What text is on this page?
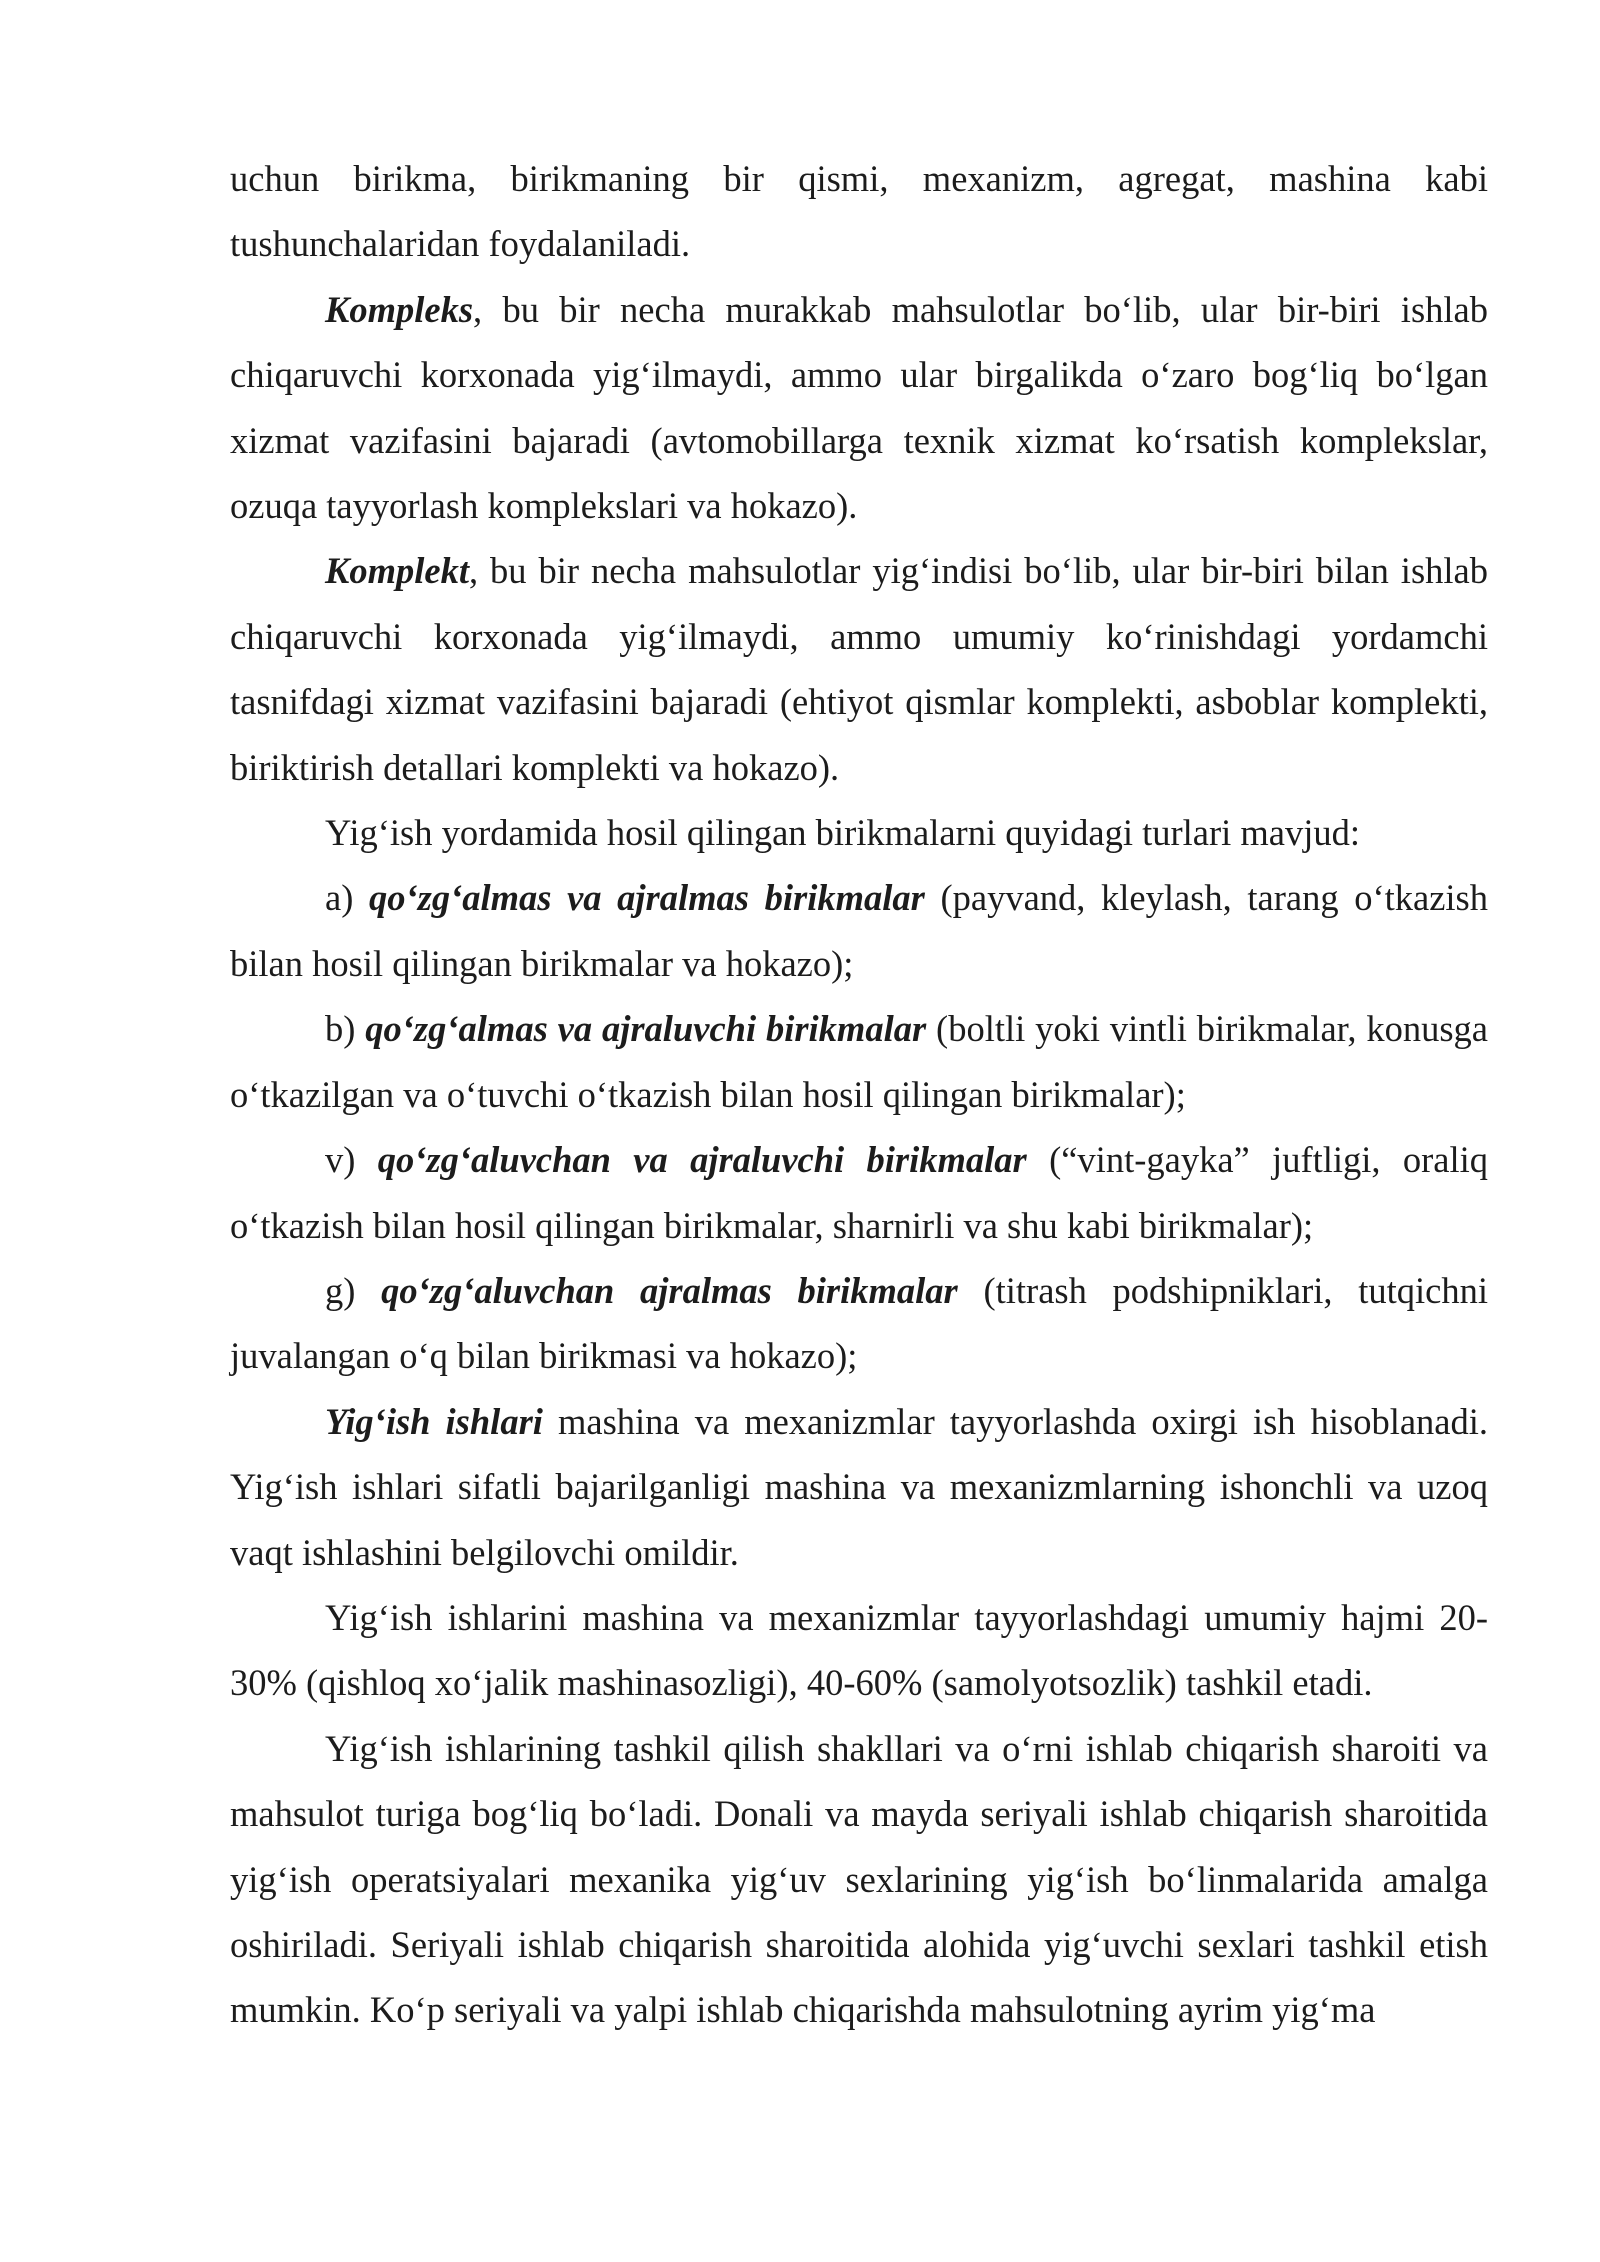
uchun birikma, birikmaning bir qismi, mexanizm, agregat, mashina kabi tushunchalaridan foydalaniladi.

Kompleks, bu bir necha murakkab mahsulotlar bo‘lib, ular bir-biri ishlab chiqaruvchi korxonada yig‘ilmaydi, ammo ular birgalikda o‘zaro bog‘liq bo‘lgan xizmat vazifasini bajaradi (avtomobillarga texnik xizmat ko‘rsatish komplekslar, ozuqa tayyorlash komplekslari va hokazo).

Komplekt, bu bir necha mahsulotlar yig‘indisi bo‘lib, ular bir-biri bilan ishlab chiqaruvchi korxonada yig‘ilmaydi, ammo umumiy ko‘rinishdagi yordamchi tasnifdagi xizmat vazifasini bajaradi (ehtiyot qismlar komplekti, asboblar komplekti, biriktirish detallari komplekti va hokazo).

Yig‘ish yordamida hosil qilingan birikmalarni quyidagi turlari mavjud:

a) qo‘zg‘almas va ajralmas birikmalar (payvand, kleylash, tarang o‘tkazish bilan hosil qilingan birikmalar va hokazo);

b) qo‘zg‘almas va ajraluvchi birikmalar (boltli yoki vintli birikmalar, konusga o‘tkazilgan va o‘tuvchi o‘tkazish bilan hosil qilingan birikmalar);

v) qo‘zg‘aluvchan va ajraluvchi birikmalar (“vint-gayka” juftligi, oraliq o‘tkazish bilan hosil qilingan birikmalar, sharnirli va shu kabi birikmalar);

g) qo‘zg‘aluvchan ajralmas birikmalar (titrash podshipniklari, tutqichni juvalangan o‘q bilan birikmasi va hokazo);

Yig‘ish ishlari mashina va mexanizmlar tayyorlashda oxirgi ish hisoblanadi. Yig‘ish ishlari sifatli bajarilganligi mashina va mexanizmlarning ishonchli va uzoq vaqt ishlashini belgilovchi omildir.

Yig‘ish ishlarini mashina va mexanizmlar tayyorlashdagi umumiy hajmi 20-30% (qishloq xo‘jalik mashinasozligi), 40-60% (samolyotsozlik) tashkil etadi.

Yig‘ish ishlarining tashkil qilish shakllari va o‘rni ishlab chiqarish sharoiti va mahsulot turiga bog‘liq bo‘ladi. Donali va mayda seriyali ishlab chiqarish sharoitida yig‘ish operatsiyalari mexanika yig‘uv sexlarining yig‘ish bo‘linmalarida amalga oshiriladi. Seriyali ishlab chiqarish sharoitida alohida yig‘uvchi sexlari tashkil etish mumkin. Ko‘p seriyali va yalpi ishlab chiqarishda mahsulotning ayrim yig‘ma
